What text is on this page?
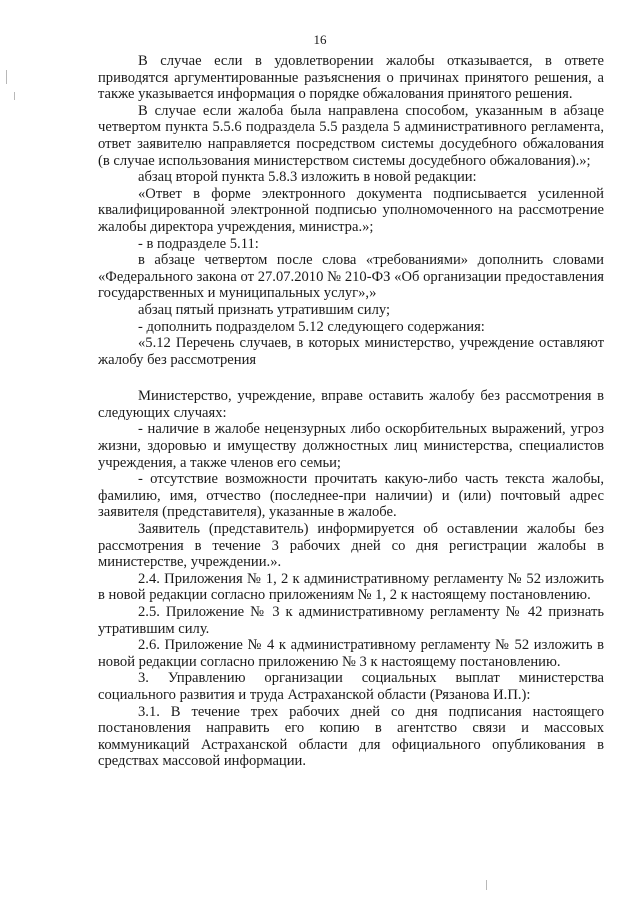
16

В случае если в удовлетворении жалобы отказывается, в ответе приводятся аргументированные разъяснения о причинах принятого решения, а также указывается информация о порядке обжалования принятого решения.

В случае если жалоба была направлена способом, указанным в абзаце четвертом пункта 5.5.6 подраздела 5.5 раздела 5 административного регламента, ответ заявителю направляется посредством системы досудебного обжалования (в случае использования министерством системы досудебного обжалования).»;

абзац второй пункта 5.8.3 изложить в новой редакции:

«Ответ в форме электронного документа подписывается усиленной квалифицированной электронной подписью уполномоченного на рассмотрение жалобы директора учреждения, министра.»;

- в подразделе 5.11:

в абзаце четвертом после слова «требованиями» дополнить словами «Федерального закона от 27.07.2010 № 210-ФЗ «Об организации предоставления государственных и муниципальных услуг»,»

абзац пятый признать утратившим силу;

- дополнить подразделом 5.12 следующего содержания:

«5.12 Перечень случаев, в которых министерство, учреждение оставляют жалобу без рассмотрения

Министерство, учреждение, вправе оставить жалобу без рассмотрения в следующих случаях:

- наличие в жалобе нецензурных либо оскорбительных выражений, угроз жизни, здоровью и имуществу должностных лиц министерства, специалистов учреждения, а также членов его семьи;

- отсутствие возможности прочитать какую-либо часть текста жалобы, фамилию, имя, отчество (последнее-при наличии) и (или) почтовый адрес заявителя (представителя), указанные в жалобе.

Заявитель (представитель) информируется об оставлении жалобы без рассмотрения в течение 3 рабочих дней со дня регистрации жалобы в министерстве, учреждении.».

2.4. Приложения № 1, 2 к административному регламенту № 52 изложить в новой редакции согласно приложениям № 1, 2 к настоящему постановлению.

2.5. Приложение № 3 к административному регламенту № 42 признать утратившим силу.

2.6. Приложение № 4 к административному регламенту № 52 изложить в новой редакции согласно приложению № 3 к настоящему постановлению.

3. Управлению организации социальных выплат министерства социального развития и труда Астраханской области (Рязанова И.П.):

3.1. В течение трех рабочих дней со дня подписания настоящего постановления направить его копию в агентство связи и массовых коммуникаций Астраханской области для официального опубликования в средствах массовой информации.
